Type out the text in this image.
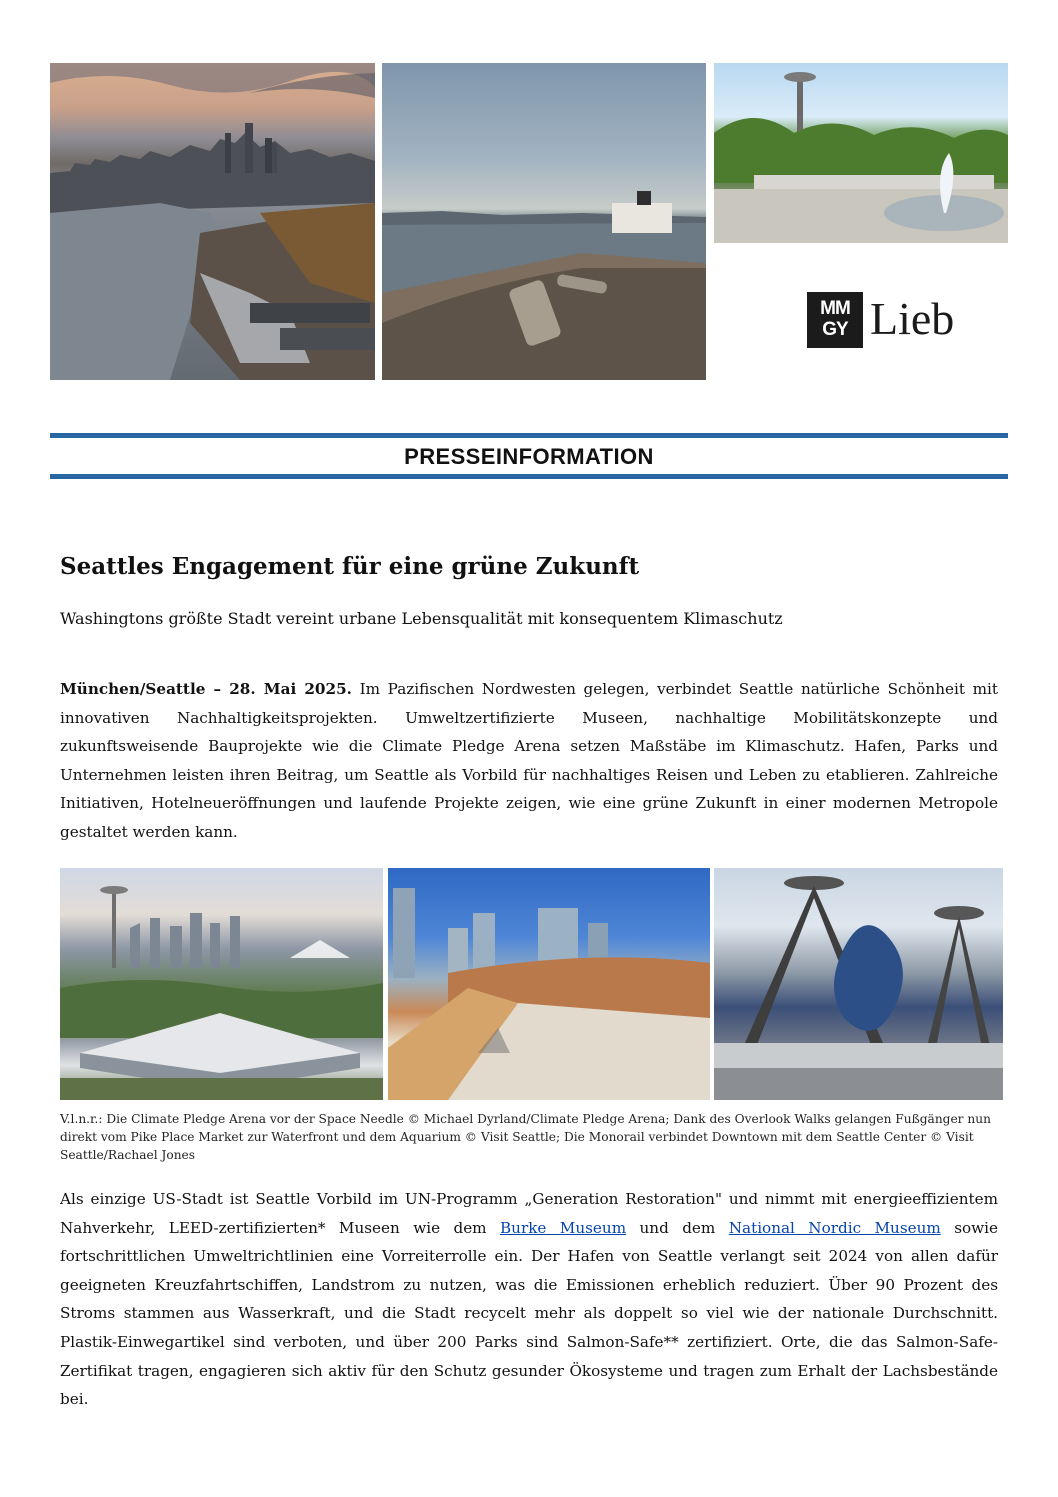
MM
GY Lieb
PRESSEINFORMATION
Seattles Engagement für eine grüne Zukunft
Washingtons größte Stadt vereint urbane Lebensqualität mit konsequentem Klimaschutz
München/Seattle – 28. Mai 2025. Im Pazifischen Nordwesten gelegen, verbindet Seattle natürliche Schönheit mit innovativen Nachhaltigkeitsprojekten. Umweltzertifizierte Museen, nachhaltige Mobilitätskonzepte und zukunftsweisende Bauprojekte wie die Climate Pledge Arena setzen Maßstäbe im Klimaschutz. Hafen, Parks und Unternehmen leisten ihren Beitrag, um Seattle als Vorbild für nachhaltiges Reisen und Leben zu etablieren. Zahlreiche Initiativen, Hotelneueröffnungen und laufende Projekte zeigen, wie eine grüne Zukunft in einer modernen Metropole gestaltet werden kann.
V.l.n.r.: Die Climate Pledge Arena vor der Space Needle © Michael Dyrland/Climate Pledge Arena; Dank des Overlook Walks gelangen Fußgänger nun direkt vom Pike Place Market zur Waterfront und dem Aquarium © Visit Seattle; Die Monorail verbindet Downtown mit dem Seattle Center © Visit Seattle/Rachael Jones
Als einzige US-Stadt ist Seattle Vorbild im UN-Programm „Generation Restoration" und nimmt mit energieeffizientem Nahverkehr, LEED-zertifizierten* Museen wie dem Burke Museum und dem National Nordic Museum sowie fortschrittlichen Umweltrichtlinien eine Vorreiterrolle ein. Der Hafen von Seattle verlangt seit 2024 von allen dafür geeigneten Kreuzfahrtschiffen, Landstrom zu nutzen, was die Emissionen erheblich reduziert. Über 90 Prozent des Stroms stammen aus Wasserkraft, und die Stadt recycelt mehr als doppelt so viel wie der nationale Durchschnitt. Plastik-Einwegartikel sind verboten, und über 200 Parks sind Salmon-Safe** zertifiziert. Orte, die das Salmon-Safe-Zertifikat tragen, engagieren sich aktiv für den Schutz gesunder Ökosysteme und tragen zum Erhalt der Lachsbestände bei.
